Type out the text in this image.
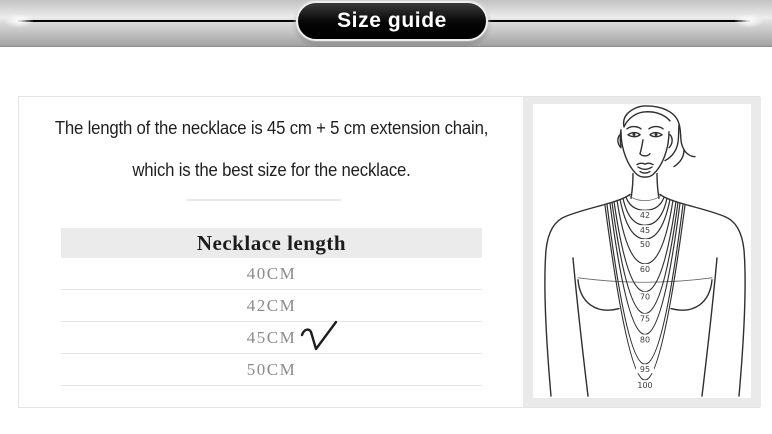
Size guide

The length of the necklace is 45 cm + 5 cm extension chain,

which is the best size for the necklace.

Necklace length
40CM
42CM
45CM
50CM
42
45
50
60
70
75
80
95
100
